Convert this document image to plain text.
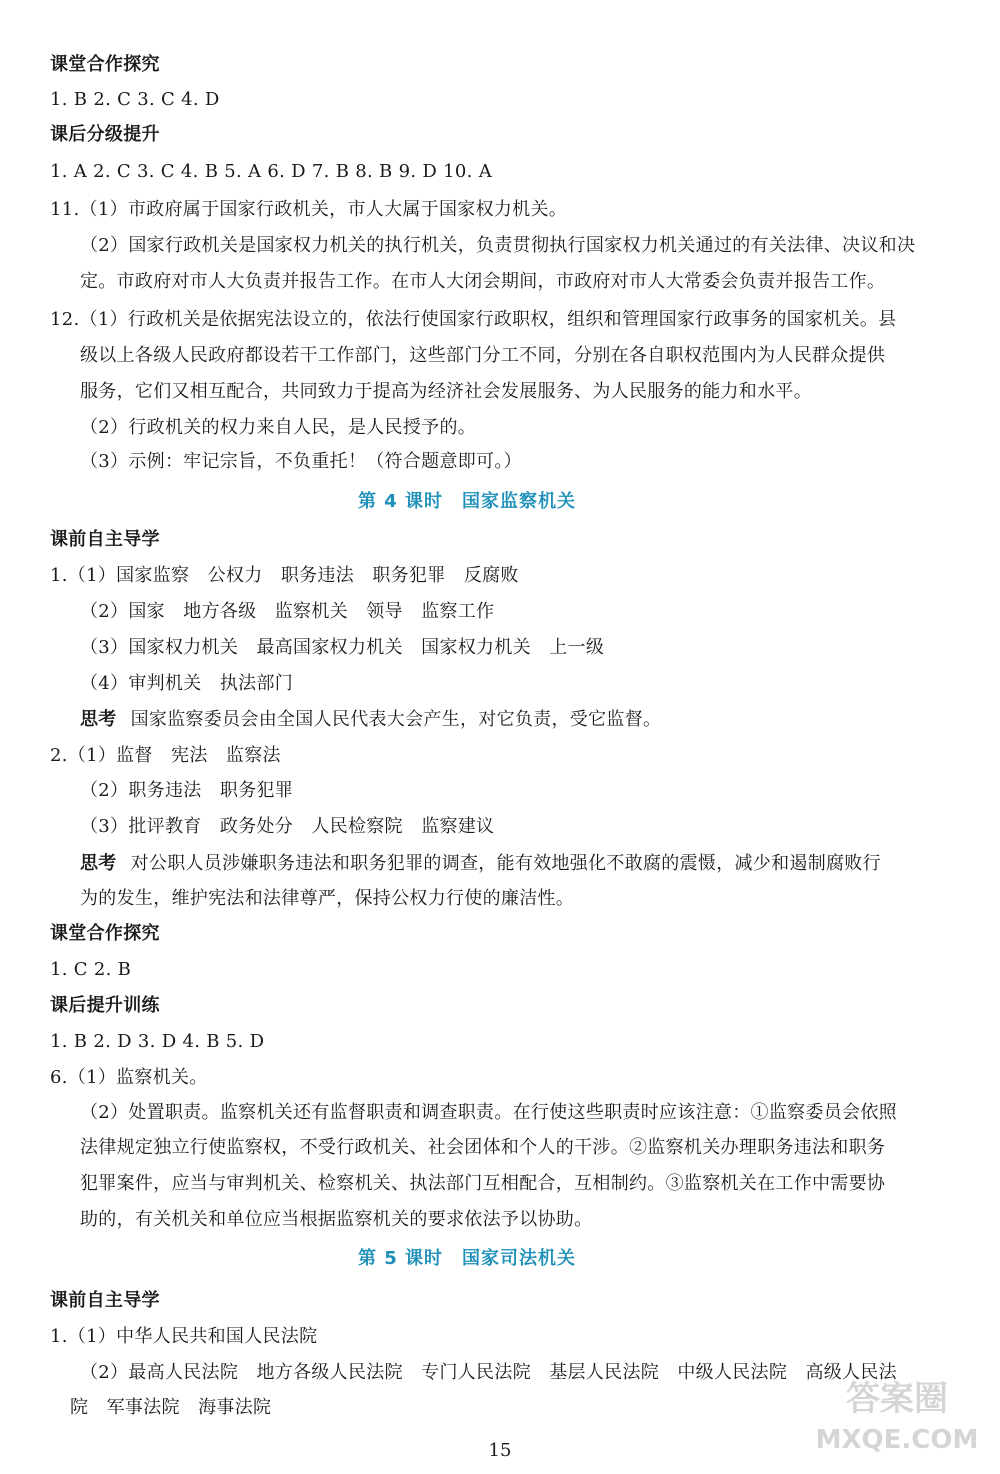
课堂合作探究
1. B 2. C 3. C 4. D
课后分级提升
1. A 2. C 3. C 4. B 5. A 6. D 7. B 8. B 9. D 10. A
11.（1）市政府属于国家行政机关，市人大属于国家权力机关。
（2）国家行政机关是国家权力机关的执行机关，负责贯彻执行国家权力机关通过的有关法律、决议和决
定。市政府对市人大负责并报告工作。在市人大闭会期间，市政府对市人大常委会负责并报告工作。
12.（1）行政机关是依据宪法设立的，依法行使国家行政职权，组织和管理国家行政事务的国家机关。县
级以上各级人民政府都设若干工作部门，这些部门分工不同，分别在各自职权范围内为人民群众提供
服务，它们又相互配合，共同致力于提高为经济社会发展服务、为人民服务的能力和水平。
（2）行政机关的权力来自人民，是人民授予的。
（3）示例：牢记宗旨，不负重托！（符合题意即可。）
第 4 课时　国家监察机关
课前自主导学
1.（1）国家监察　公权力　职务违法　职务犯罪　反腐败
（2）国家　地方各级　监察机关　领导　监察工作
（3）国家权力机关　最高国家权力机关　国家权力机关　上一级
（4）审判机关　执法部门
思考 国家监察委员会由全国人民代表大会产生，对它负责，受它监督。
2.（1）监督　宪法　监察法
（2）职务违法　职务犯罪
（3）批评教育　政务处分　人民检察院　监察建议
思考 对公职人员涉嫌职务违法和职务犯罪的调查，能有效地强化不敢腐的震慑，减少和遏制腐败行
为的发生，维护宪法和法律尊严，保持公权力行使的廉洁性。
课堂合作探究
1. C 2. B
课后提升训练
1. B 2. D 3. D 4. B 5. D
6.（1）监察机关。
（2）处置职责。监察机关还有监督职责和调查职责。在行使这些职责时应该注意：①监察委员会依照
法律规定独立行使监察权，不受行政机关、社会团体和个人的干涉。②监察机关办理职务违法和职务
犯罪案件，应当与审判机关、检察机关、执法部门互相配合，互相制约。③监察机关在工作中需要协
助的，有关机关和单位应当根据监察机关的要求依法予以协助。
第 5 课时　国家司法机关
课前自主导学
1.（1）中华人民共和国人民法院
（2）最高人民法院　地方各级人民法院　专门人民法院　基层人民法院　中级人民法院　高级人民法
院　军事法院　海事法院
15
答案圈
MXQE.COM
